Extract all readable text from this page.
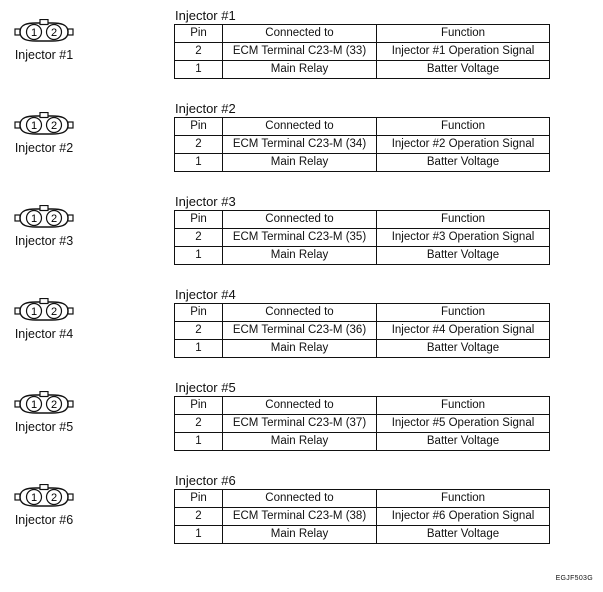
1 2
Injector #1
Injector #1
Pin	Connected to	Function
2	ECM Terminal C23-M (33)	Injector #1 Operation Signal
1	Main Relay	Batter Voltage
1 2
Injector #2
Injector #2
Pin	Connected to	Function
2	ECM Terminal C23-M (34)	Injector #2 Operation Signal
1	Main Relay	Batter Voltage
1 2
Injector #3
Injector #3
Pin	Connected to	Function
2	ECM Terminal C23-M (35)	Injector #3 Operation Signal
1	Main Relay	Batter Voltage
1 2
Injector #4
Injector #4
Pin	Connected to	Function
2	ECM Terminal C23-M (36)	Injector #4 Operation Signal
1	Main Relay	Batter Voltage
1 2
Injector #5
Injector #5
Pin	Connected to	Function
2	ECM Terminal C23-M (37)	Injector #5 Operation Signal
1	Main Relay	Batter Voltage
1 2
Injector #6
Injector #6
Pin	Connected to	Function
2	ECM Terminal C23-M (38)	Injector #6 Operation Signal
1	Main Relay	Batter Voltage
EGJF503G
